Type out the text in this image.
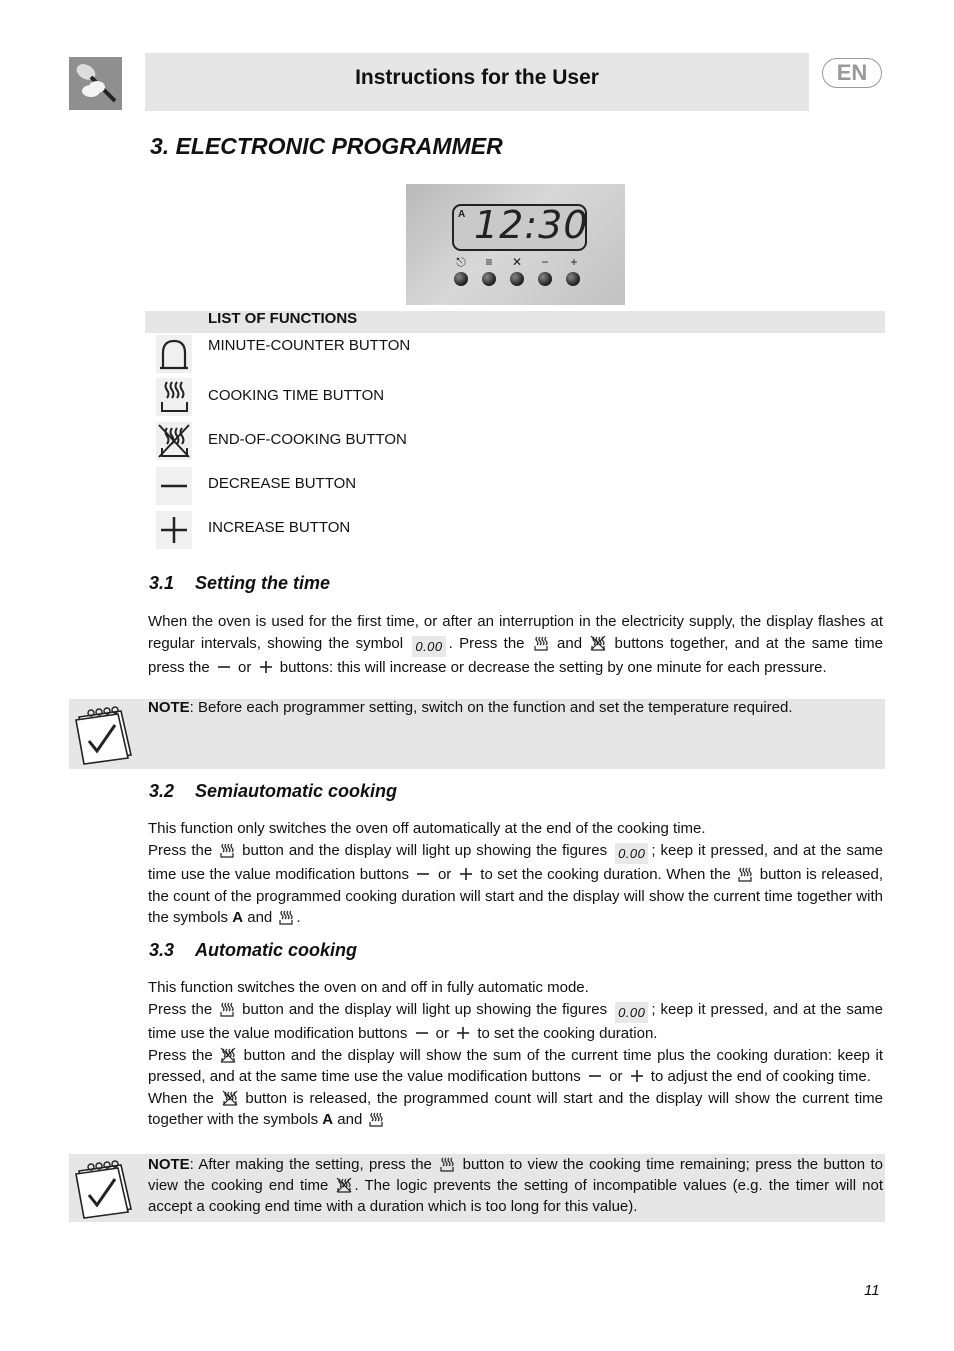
Instructions for the User	EN
3. ELECTRONIC PROGRAMMER
A 12:30
⎋	≡	✕	−	+
LIST OF FUNCTIONS
MINUTE-COUNTER BUTTON
COOKING TIME BUTTON
END-OF-COOKING BUTTON
DECREASE BUTTON
INCREASE BUTTON
3.1 Setting the time

When the oven is used for the first time, or after an interruption in the electricity supply, the display flashes at regular intervals, showing the symbol 0.00 . Press the and buttons together, and at the same time press the or buttons: this will increase or decrease the setting by one minute for each pressure.

NOTE: Before each programmer setting, switch on the function and set the temperature required.
3.2 Semiautomatic cooking

This function only switches the oven off automatically at the end of the cooking time.

Press the button and the display will light up showing the figures 0.00 ; keep it pressed, and at the same time use the value modification buttons or to set the cooking duration. When the button is released, the count of the programmed cooking duration will start and the display will show the current time together with the symbols A and .

3.3 Automatic cooking

This function switches the oven on and off in fully automatic mode.

Press the button and the display will light up showing the figures 0.00 ; keep it pressed, and at the same time use the value modification buttons or to set the cooking duration.

Press the button and the display will show the sum of the current time plus the cooking duration: keep it pressed, and at the same time use the value modification buttons or to adjust the end of cooking time.

When the button is released, the programmed count will start and the display will show the current time together with the symbols A and

NOTE: After making the setting, press the button to view the cooking time remaining; press the button to view the cooking end time . The logic prevents the setting of incompatible values (e.g. the timer will not accept a cooking end time with a duration which is too long for this value).
11
